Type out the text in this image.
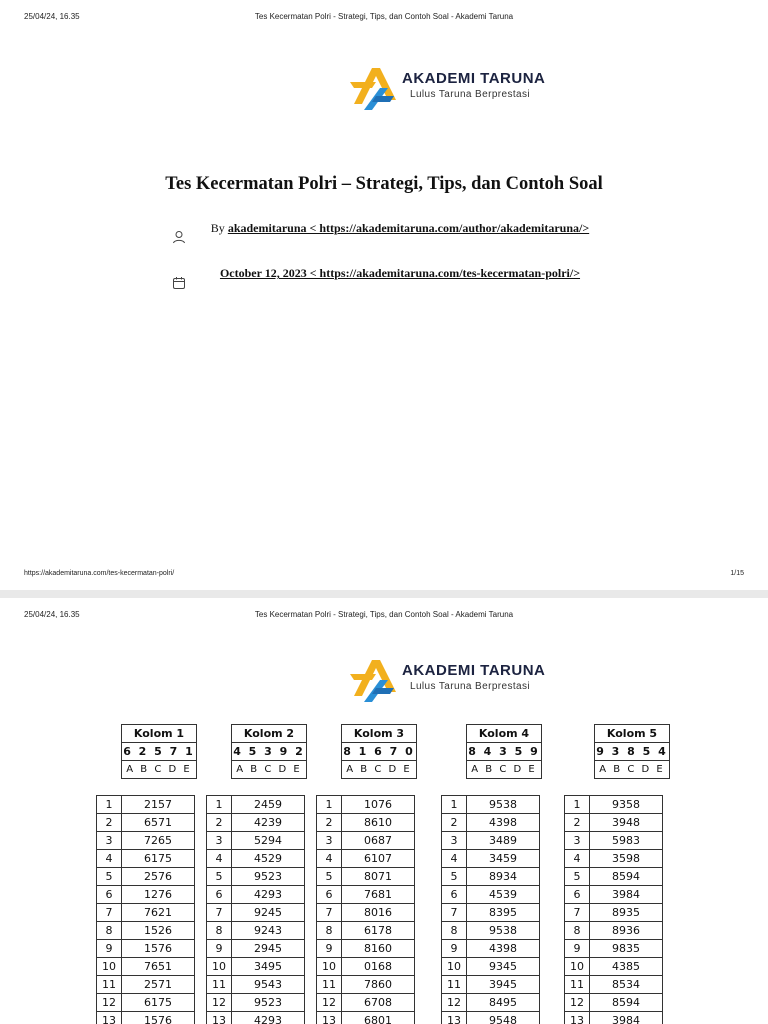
25/04/24, 16.35	Tes Kecermatan Polri - Strategi, Tips, dan Contoh Soal - Akademi Taruna
AKADEMI TARUNA
Lulus Taruna Berprestasi
Tes Kecermatan Polri – Strategi, Tips, dan Contoh Soal
By akademitaruna < https://akademitaruna.com/author/akademitaruna/>
October 12, 2023 < https://akademitaruna.com/tes-kecermatan-polri/>
https://akademitaruna.com/tes-kecermatan-polri/	1/15
25/04/24, 16.35	Tes Kecermatan Polri - Strategi, Tips, dan Contoh Soal - Akademi Taruna
AKADEMI TARUNA
Lulus Taruna Berprestasi
Kolom 1
6 2 5 7 1
A B C D E
Kolom 2
4 5 3 9 2
A B C D E
Kolom 3
8 1 6 7 0
A B C D E
Kolom 4
8 4 3 5 9
A B C D E
Kolom 5
9 3 8 5 4
A B C D E
1	2157
2	6571
3	7265
4	6175
5	2576
6	1276
7	7621
8	1526
9	1576
10	7651
11	2571
12	6175
13	1576
1	2459
2	4239
3	5294
4	4529
5	9523
6	4293
7	9245
8	9243
9	2945
10	3495
11	9543
12	9523
13	4293
1	1076
2	8610
3	0687
4	6107
5	8071
6	7681
7	8016
8	6178
9	8160
10	0168
11	7860
12	6708
13	6801
1	9538
2	4398
3	3489
4	3459
5	8934
6	4539
7	8395
8	9538
9	4398
10	9345
11	3945
12	8495
13	9548
1	9358
2	3948
3	5983
4	3598
5	8594
6	3984
7	8935
8	8936
9	9835
10	4385
11	8534
12	8594
13	3984
